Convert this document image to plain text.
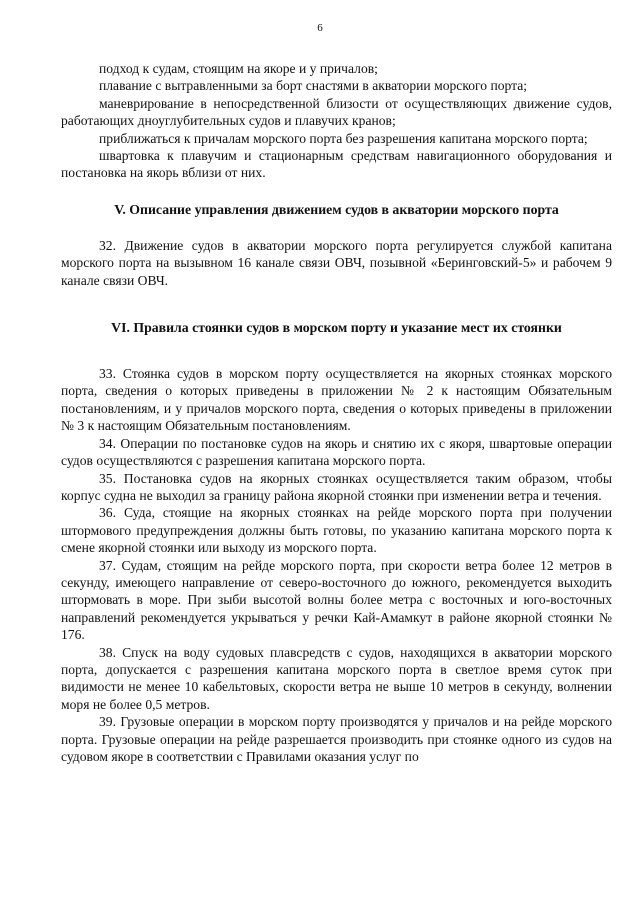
6

подход к судам, стоящим на якоре и у причалов;

плавание с вытравленными за борт снастями в акватории морского порта;

маневрирование в непосредственной близости от осуществляющих движение судов, работающих дноуглубительных судов и плавучих кранов;

приближаться к причалам морского порта без разрешения капитана морского порта;

швартовка к плавучим и стационарным средствам навигационного оборудования и постановка на якорь вблизи от них.

V. Описание управления движением судов в акватории морского порта

32. Движение судов в акватории морского порта регулируется службой капитана морского порта на вызывном 16 канале связи ОВЧ, позывной «Беринговский-5» и рабочем 9 канале связи ОВЧ.

VI. Правила стоянки судов в морском порту и указание мест их стоянки

33. Стоянка судов в морском порту осуществляется на якорных стоянках морского порта, сведения о которых приведены в приложении № 2 к настоящим Обязательным постановлениям, и у причалов морского порта, сведения о которых приведены в приложении № 3 к настоящим Обязательным постановлениям.

34. Операции по постановке судов на якорь и снятию их с якоря, швартовые операции судов осуществляются с разрешения капитана морского порта.

35. Постановка судов на якорных стоянках осуществляется таким образом, чтобы корпус судна не выходил за границу района якорной стоянки при изменении ветра и течения.

36. Суда, стоящие на якорных стоянках на рейде морского порта при получении штормового предупреждения должны быть готовы, по указанию капитана морского порта к смене якорной стоянки или выходу из морского порта.

37. Судам, стоящим на рейде морского порта, при скорости ветра более 12 метров в секунду, имеющего направление от северо-восточного до южного, рекомендуется выходить штормовать в море. При зыби высотой волны более метра с восточных и юго-восточных направлений рекомендуется укрываться у речки Кай-Амамкут в районе якорной стоянки № 176.

38. Спуск на воду судовых плавсредств с судов, находящихся в акватории морского порта, допускается с разрешения капитана морского порта в светлое время суток при видимости не менее 10 кабельтовых, скорости ветра не выше 10 метров в секунду, волнении моря не более 0,5 метров.

39. Грузовые операции в морском порту производятся у причалов и на рейде морского порта. Грузовые операции на рейде разрешается производить при стоянке одного из судов на судовом якоре в соответствии с Правилами оказания услуг по
